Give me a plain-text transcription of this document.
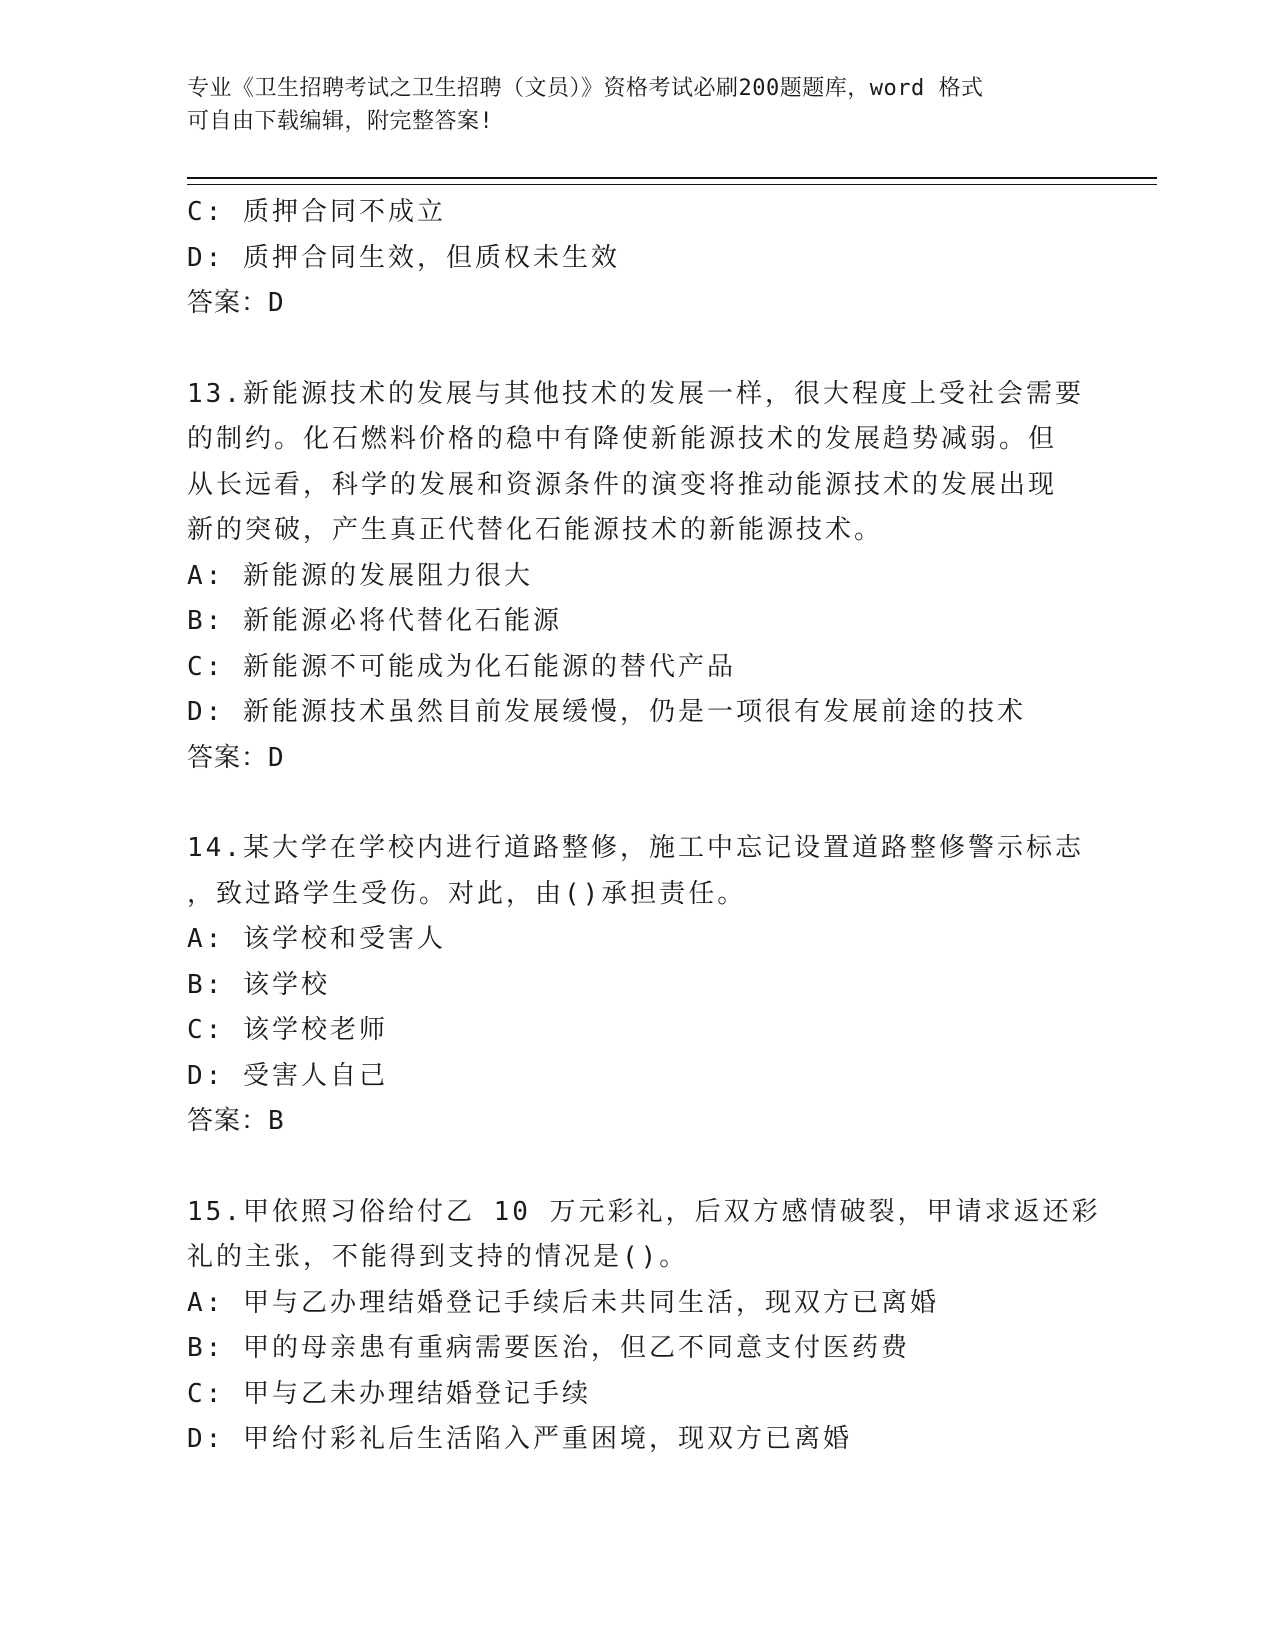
专业《卫生招聘考试之卫生招聘（文员）》资格考试必刷200题题库，word 格式
可自由下载编辑，附完整答案!
C: 质押合同不成立
D: 质押合同生效，但质权未生效
答案：D
13.新能源技术的发展与其他技术的发展一样，很大程度上受社会需要
的制约。化石燃料价格的稳中有降使新能源技术的发展趋势减弱。但
从长远看，科学的发展和资源条件的演变将推动能源技术的发展出现
新的突破，产生真正代替化石能源技术的新能源技术。
A: 新能源的发展阻力很大
B: 新能源必将代替化石能源
C: 新能源不可能成为化石能源的替代产品
D: 新能源技术虽然目前发展缓慢，仍是一项很有发展前途的技术
答案：D
14.某大学在学校内进行道路整修，施工中忘记设置道路整修警示标志
，致过路学生受伤。对此，由()承担责任。
A: 该学校和受害人
B: 该学校
C: 该学校老师
D: 受害人自己
答案：B
15.甲依照习俗给付乙 10 万元彩礼，后双方感情破裂，甲请求返还彩
礼的主张，不能得到支持的情况是()。
A: 甲与乙办理结婚登记手续后未共同生活，现双方已离婚
B: 甲的母亲患有重病需要医治，但乙不同意支付医药费
C: 甲与乙未办理结婚登记手续
D: 甲给付彩礼后生活陷入严重困境，现双方已离婚
